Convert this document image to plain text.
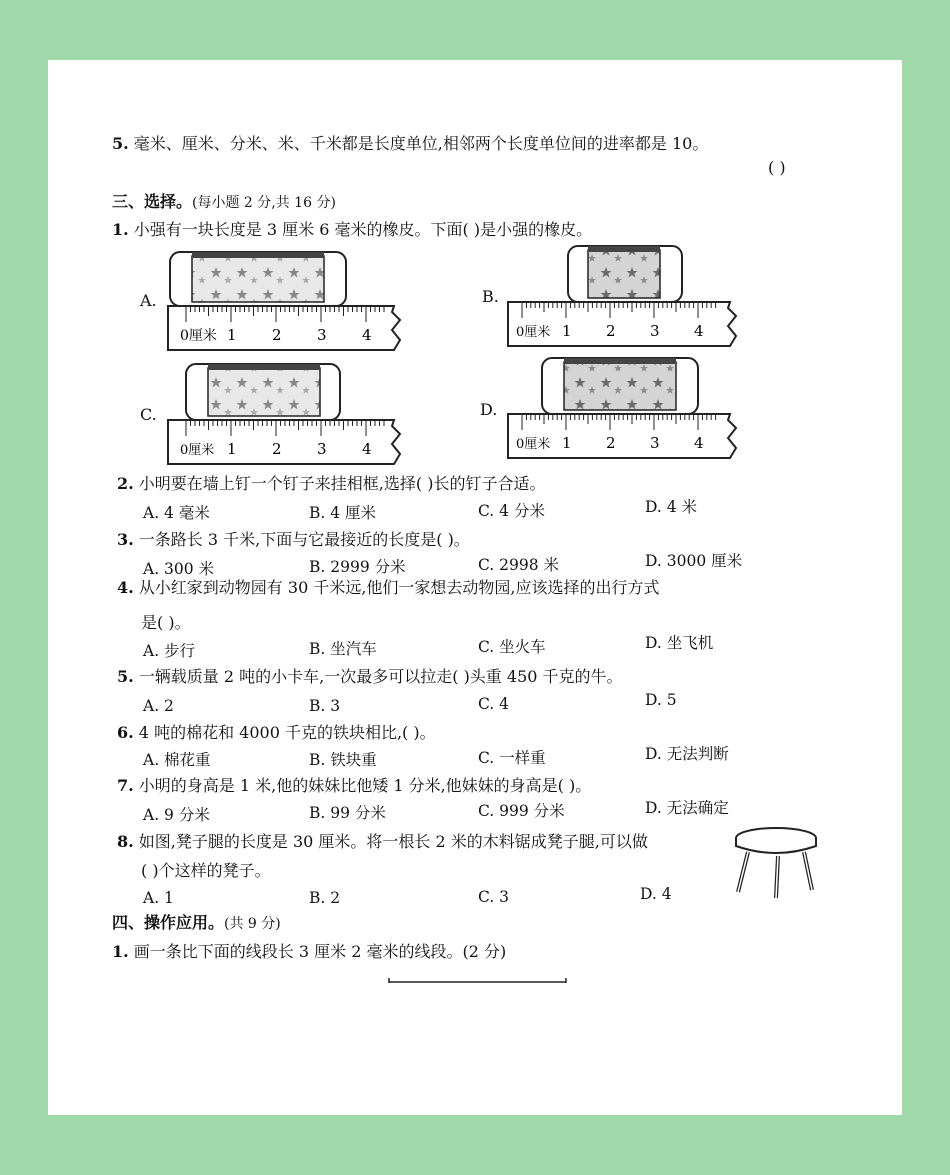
5. 毫米、厘米、分米、米、千米都是长度单位,相邻两个长度单位间的进率都是 10。
( )
三、选择。(每小题 2 分,共 16 分)
1. 小强有一块长度是 3 厘米 6 毫米的橡皮。下面( )是小强的橡皮。
A.	B.
C.	D.
0厘米 1 2 3 4	0厘米 1 2 3 4
0厘米 1 2 3 4	0厘米 1 2 3 4
2. 小明要在墙上钉一个钉子来挂相框,选择( )长的钉子合适。
A. 4 毫米	B. 4 厘米	C. 4 分米	D. 4 米
3. 一条路长 3 千米,下面与它最接近的长度是( )。
A. 300 米	B. 2999 分米	C. 2998 米	D. 3000 厘米
4. 从小红家到动物园有 30 千米远,他们一家想去动物园,应该选择的出行方式
是( )。
A. 步行	B. 坐汽车	C. 坐火车	D. 坐飞机
5. 一辆载质量 2 吨的小卡车,一次最多可以拉走( )头重 450 千克的牛。
A. 2	B. 3	C. 4	D. 5
6. 4 吨的棉花和 4000 千克的铁块相比,( )。
A. 棉花重	B. 铁块重	C. 一样重	D. 无法判断
7. 小明的身高是 1 米,他的妹妹比他矮 1 分米,他妹妹的身高是( )。
A. 9 分米	B. 99 分米	C. 999 分米	D. 无法确定
8. 如图,凳子腿的长度是 30 厘米。将一根长 2 米的木料锯成凳子腿,可以做
( )个这样的凳子。
A. 1	B. 2	C. 3	D. 4
四、操作应用。(共 9 分)
1. 画一条比下面的线段长 3 厘米 2 毫米的线段。(2 分)
